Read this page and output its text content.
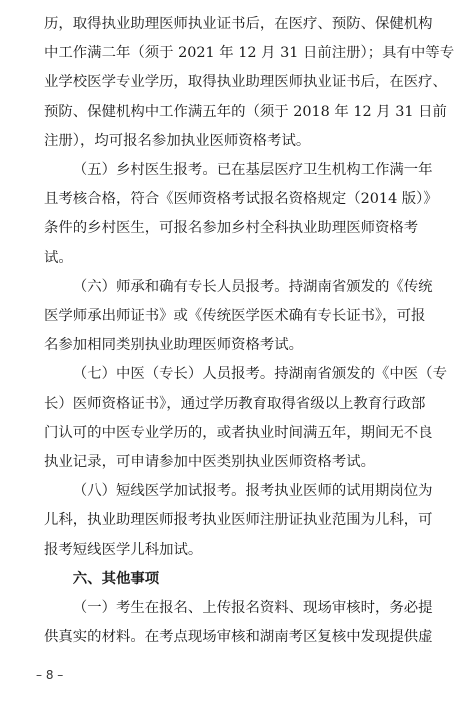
历，取得执业助理医师执业证书后，在医疗、预防、保健机构

中工作满二年（须于 2021 年 12 月 31 日前注册）；具有中等专

业学校医学专业学历，取得执业助理医师执业证书后，在医疗、

预防、保健机构中工作满五年的（须于 2018 年 12 月 31 日前

注册），均可报名参加执业医师资格考试。

（五）乡村医生报考。已在基层医疗卫生机构工作满一年

且考核合格，符合《医师资格考试报名资格规定（2014 版）》

条件的乡村医生，可报名参加乡村全科执业助理医师资格考

试。

（六）师承和确有专长人员报考。持湖南省颁发的《传统

医学师承出师证书》或《传统医学医术确有专长证书》，可报

名参加相同类别执业助理医师资格考试。

（七）中医（专长）人员报考。持湖南省颁发的《中医（专

长）医师资格证书》，通过学历教育取得省级以上教育行政部

门认可的中医专业学历的，或者执业时间满五年，期间无不良

执业记录，可申请参加中医类别执业医师资格考试。

（八）短线医学加试报考。报考执业医师的试用期岗位为

儿科，执业助理医师报考执业医师注册证执业范围为儿科，可

报考短线医学儿科加试。

六、其他事项

（一）考生在报名、上传报名资料、现场审核时，务必提

供真实的材料。在考点现场审核和湖南考区复核中发现提供虚

– 8 –
